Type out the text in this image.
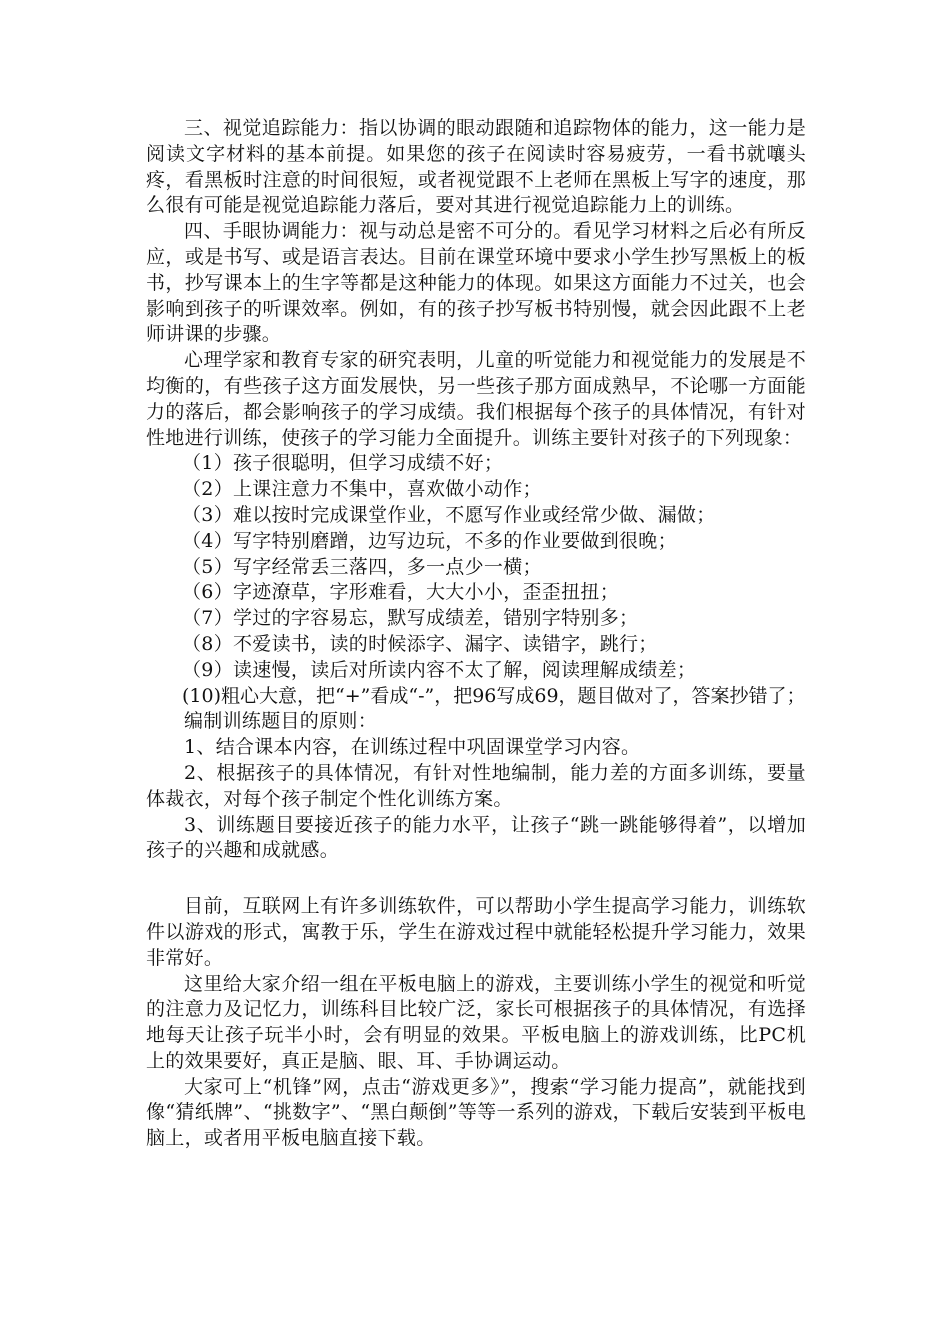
三、视觉追踪能力：指以协调的眼动跟随和追踪物体的能力，这一能力是阅读文字材料的基本前提。如果您的孩子在阅读时容易疲劳，一看书就嚷头疼，看黑板时注意的时间很短，或者视觉跟不上老师在黑板上写字的速度，那么很有可能是视觉追踪能力落后，要对其进行视觉追踪能力上的训练。

四、手眼协调能力：视与动总是密不可分的。看见学习材料之后必有所反应，或是书写、或是语言表达。目前在课堂环境中要求小学生抄写黑板上的板书，抄写课本上的生字等都是这种能力的体现。如果这方面能力不过关，也会影响到孩子的听课效率。例如，有的孩子抄写板书特别慢，就会因此跟不上老师讲课的步骤。

心理学家和教育专家的研究表明，儿童的听觉能力和视觉能力的发展是不均衡的，有些孩子这方面发展快，另一些孩子那方面成熟早，不论哪一方面能力的落后，都会影响孩子的学习成绩。我们根据每个孩子的具体情况，有针对性地进行训练，使孩子的学习能力全面提升。训练主要针对孩子的下列现象：

（1）孩子很聪明，但学习成绩不好；

（2）上课注意力不集中，喜欢做小动作；

（3）难以按时完成课堂作业，不愿写作业或经常少做、漏做；

（4）写字特别磨蹭，边写边玩，不多的作业要做到很晚；

（5）写字经常丢三落四，多一点少一横；

（6）字迹潦草，字形难看，大大小小，歪歪扭扭；

（7）学过的字容易忘，默写成绩差，错别字特别多；

（8）不爱读书，读的时候添字、漏字、读错字，跳行；

（9）读速慢，读后对所读内容不太了解，阅读理解成绩差；

(10)粗心大意，把“+”看成“-”，把96写成69，题目做对了，答案抄错了；

编制训练题目的原则：

1、结合课本内容，在训练过程中巩固课堂学习内容。

2、根据孩子的具体情况，有针对性地编制，能力差的方面多训练，要量体裁衣，对每个孩子制定个性化训练方案。

3、训练题目要接近孩子的能力水平，让孩子“跳一跳能够得着”，以增加孩子的兴趣和成就感。

目前，互联网上有许多训练软件，可以帮助小学生提高学习能力，训练软件以游戏的形式，寓教于乐，学生在游戏过程中就能轻松提升学习能力，效果非常好。

这里给大家介绍一组在平板电脑上的游戏，主要训练小学生的视觉和听觉的注意力及记忆力，训练科目比较广泛，家长可根据孩子的具体情况，有选择地每天让孩子玩半小时，会有明显的效果。平板电脑上的游戏训练，比PC机上的效果要好，真正是脑、眼、耳、手协调运动。

大家可上“机锋”网，点击“游戏更多》”，搜索“学习能力提高”，就能找到像“猜纸牌”、“挑数字”、“黑白颠倒”等等一系列的游戏，下载后安装到平板电脑上，或者用平板电脑直接下载。
